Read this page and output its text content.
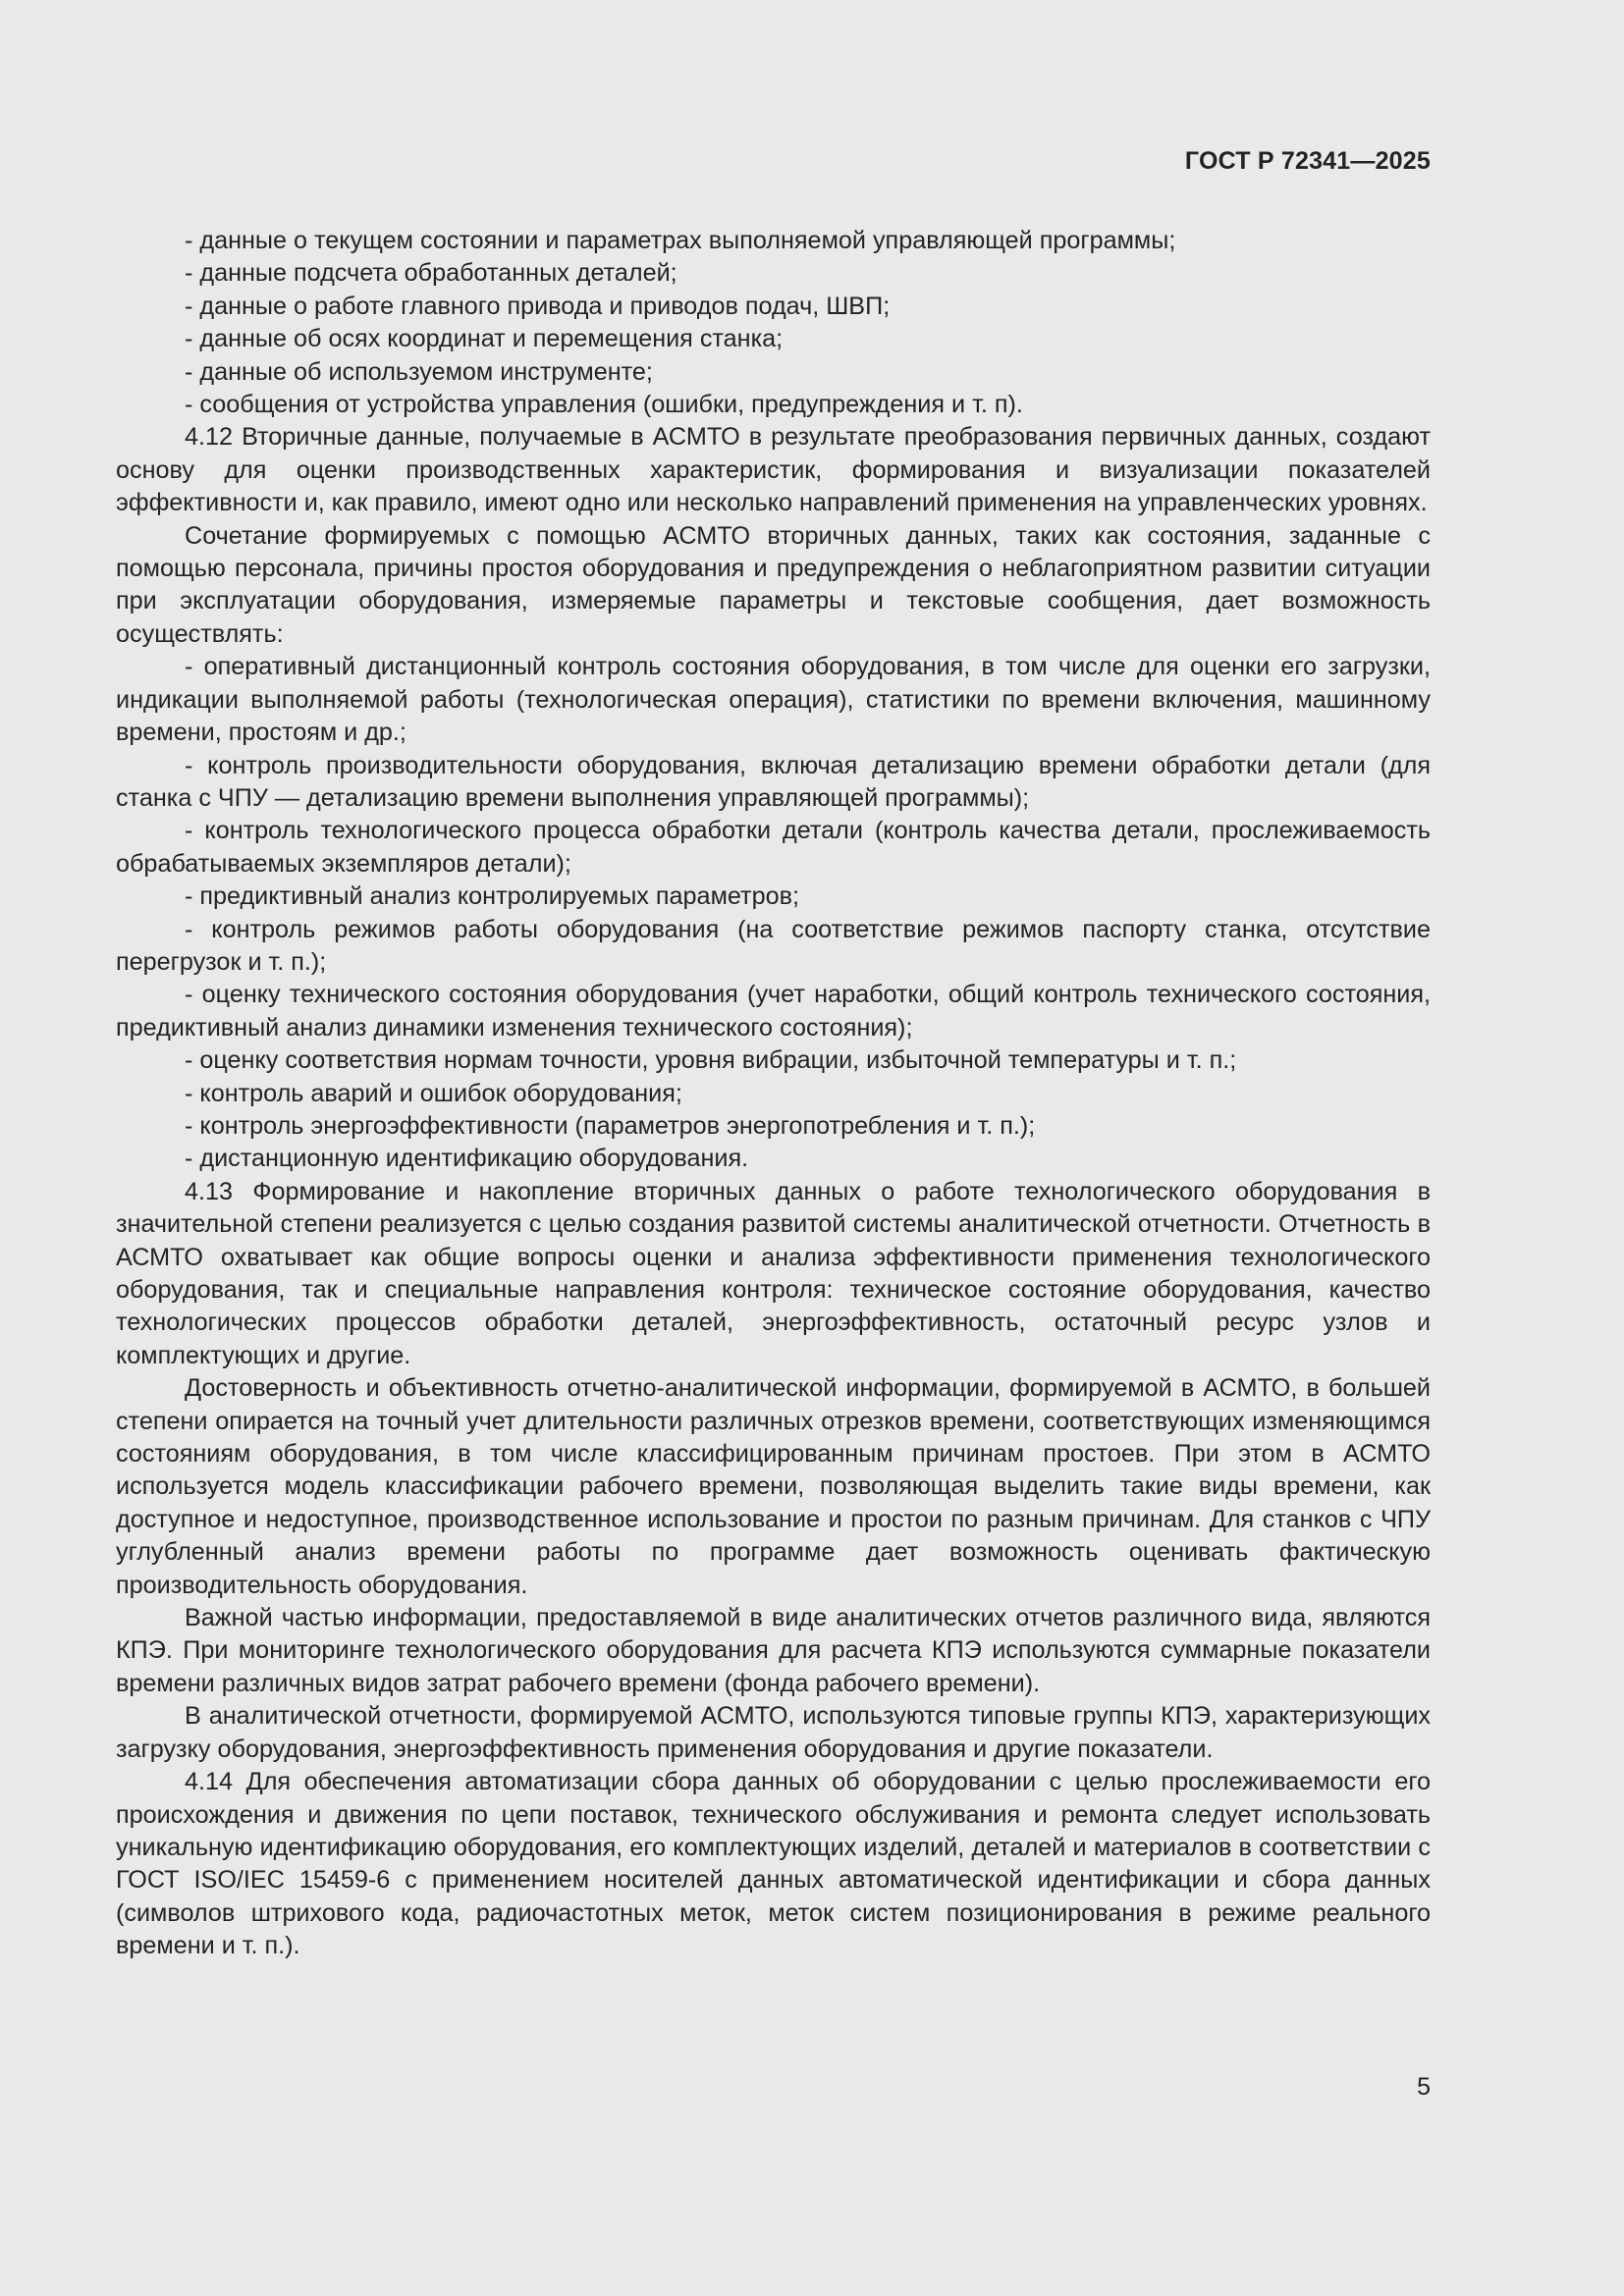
ГОСТ Р 72341—2025

- данные о текущем состоянии и параметрах выполняемой управляющей программы;

- данные подсчета обработанных деталей;

- данные о работе главного привода и приводов подач, ШВП;

- данные об осях координат и перемещения станка;

- данные об используемом инструменте;

- сообщения от устройства управления (ошибки, предупреждения и т. п).

4.12 Вторичные данные, получаемые в АСМТО в результате преобразования первичных данных, создают основу для оценки производственных характеристик, формирования и визуализации показателей эффективности и, как правило, имеют одно или несколько направлений применения на управленческих уровнях.

Сочетание формируемых с помощью АСМТО вторичных данных, таких как состояния, заданные с помощью персонала, причины простоя оборудования и предупреждения о неблагоприятном развитии ситуации при эксплуатации оборудования, измеряемые параметры и текстовые сообщения, дает возможность осуществлять:

- оперативный дистанционный контроль состояния оборудования, в том числе для оценки его загрузки, индикации выполняемой работы (технологическая операция), статистики по времени включения, машинному времени, простоям и др.;

- контроль производительности оборудования, включая детализацию времени обработки детали (для станка с ЧПУ — детализацию времени выполнения управляющей программы);

- контроль технологического процесса обработки детали (контроль качества детали, прослеживаемость обрабатываемых экземпляров детали);

- предиктивный анализ контролируемых параметров;

- контроль режимов работы оборудования (на соответствие режимов паспорту станка, отсутствие перегрузок и т. п.);

- оценку технического состояния оборудования (учет наработки, общий контроль технического состояния, предиктивный анализ динамики изменения технического состояния);

- оценку соответствия нормам точности, уровня вибрации, избыточной температуры и т. п.;

- контроль аварий и ошибок оборудования;

- контроль энергоэффективности (параметров энергопотребления и т. п.);

- дистанционную идентификацию оборудования.

4.13 Формирование и накопление вторичных данных о работе технологического оборудования в значительной степени реализуется с целью создания развитой системы аналитической отчетности. Отчетность в АСМТО охватывает как общие вопросы оценки и анализа эффективности применения технологического оборудования, так и специальные направления контроля: техническое состояние оборудования, качество технологических процессов обработки деталей, энергоэффективность, остаточный ресурс узлов и комплектующих и другие.

Достоверность и объективность отчетно-аналитической информации, формируемой в АСМТО, в большей степени опирается на точный учет длительности различных отрезков времени, соответствующих изменяющимся состояниям оборудования, в том числе классифицированным причинам простоев. При этом в АСМТО используется модель классификации рабочего времени, позволяющая выделить такие виды времени, как доступное и недоступное, производственное использование и простои по разным причинам. Для станков с ЧПУ углубленный анализ времени работы по программе дает возможность оценивать фактическую производительность оборудования.

Важной частью информации, предоставляемой в виде аналитических отчетов различного вида, являются КПЭ. При мониторинге технологического оборудования для расчета КПЭ используются суммарные показатели времени различных видов затрат рабочего времени (фонда рабочего времени).

В аналитической отчетности, формируемой АСМТО, используются типовые группы КПЭ, характеризующих загрузку оборудования, энергоэффективность применения оборудования и другие показатели.

4.14 Для обеспечения автоматизации сбора данных об оборудовании с целью прослеживаемости его происхождения и движения по цепи поставок, технического обслуживания и ремонта следует использовать уникальную идентификацию оборудования, его комплектующих изделий, деталей и материалов в соответствии с ГОСТ ISO/IEC 15459-6 с применением носителей данных автоматической идентификации и сбора данных (символов штрихового кода, радиочастотных меток, меток систем позиционирования в режиме реального времени и т. п.).

5
